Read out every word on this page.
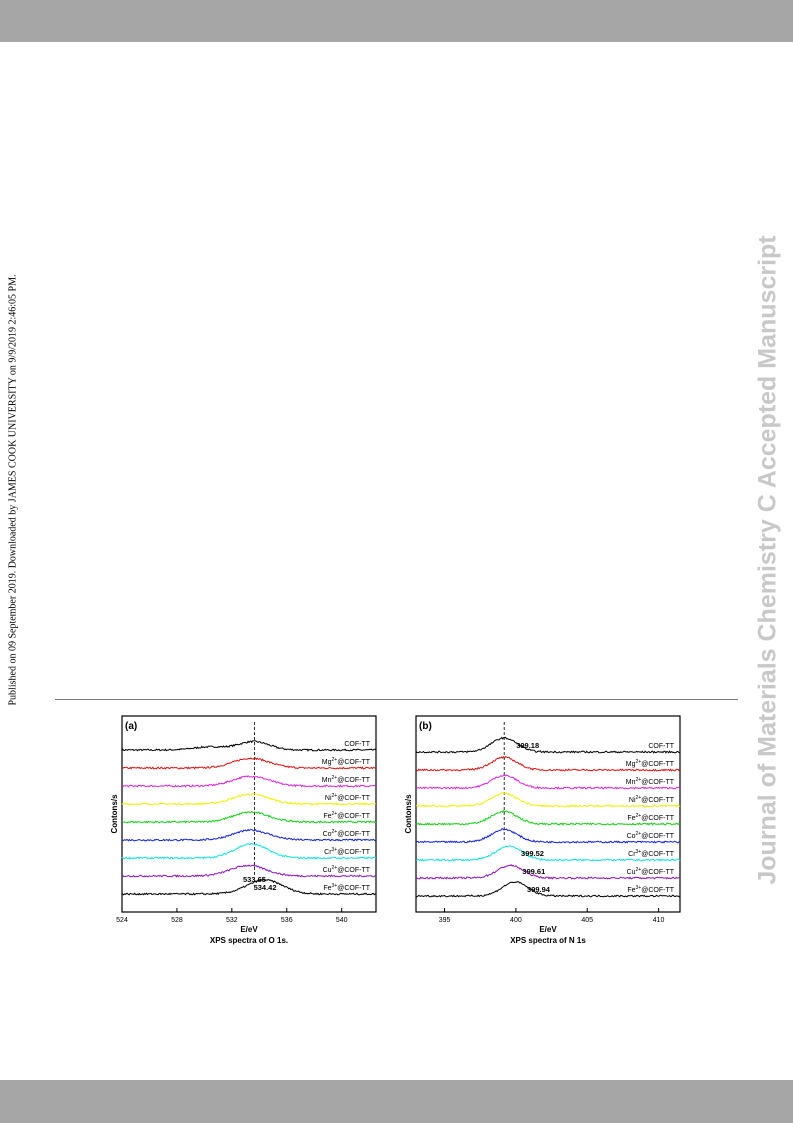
Published on 09 September 2019. Downloaded by JAMES COOK UNIVERSITY on 9/9/2019 2:46:05 PM.	Journal of Materials Chemistry C Accepted Manuscript
(a)
524	528	532	536	540
COF-TT
$Mg^{2+}@COF-TT$
$Mn^{2+}@COF-TT$
$Ni^{2+}@COF-TT$
$Fe^{2+}@COF-TT$
$Co^{2+}@COF-TT$
$Cr^{3+}@COF-TT$
$Cu^{2+}@COF-TT$
$Fe^{3+}@COF-TT$
533.65
534.42
E/eV
XPS spectra of O 1s.
Contons/s
(b)
395	400	405	410
COF-TT
$Mg^{2+}@COF-TT$
$Mn^{2+}@COF-TT$
$Ni^{2+}@COF-TT$
$Fe^{2+}@COF-TT$
$Co^{2+}@COF-TT$
$Cr^{3+}@COF-TT$
$Cu^{2+}@COF-TT$
$Fe^{3+}@COF-TT$
399.18
399.52
399.61
399.94
E/eV
XPS spectra of N 1s
Contons/s
